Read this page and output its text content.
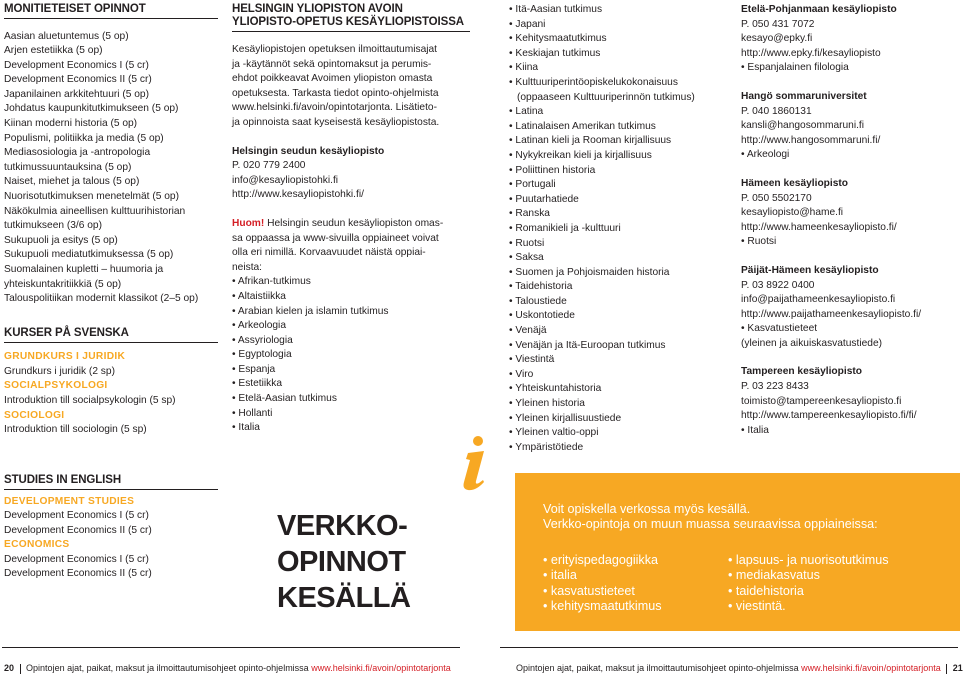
MONITIETEISET OPINNOT
Aasian aluetuntemus (5 op)
Arjen estetiikka (5 op)
Development Economics I (5 cr)
Development Economics II (5 cr)
Japanilainen arkkitehtuuri (5 op)
Johdatus kaupunkitutkimukseen (5 op)
Kiinan moderni historia (5 op)
Populismi, politiikka ja media (5 op)
Mediasosiologia ja -antropologia
tutkimussuuntauksina (5 op)
Naiset, miehet ja talous (5 op)
Nuorisotutkimuksen menetelmät (5 op)
Näkökulmia aineellisen kulttuurihistorian
tutkimukseen (3/6 op)
Sukupuoli ja esitys (5 op)
Sukupuoli mediatutkimuksessa (5 op)
Suomalainen kupletti – huumoria ja
yhteiskuntakritiikkiä (5 op)
Talouspolitiikan modernit klassikot (2–5 op)
KURSER PÅ SVENSKA
GRUNDKURS I JURIDIK
Grundkurs i juridik (2 sp)
SOCIALPSYKOLOGI
Introduktion till socialpsykologin (5 sp)
SOCIOLOGI
Introduktion till sociologin (5 sp)
STUDIES IN ENGLISH
DEVELOPMENT STUDIES
Development Economics I (5 cr)
Development Economics II (5 cr)
ECONOMICS
Development Economics I (5 cr)
Development Economics II (5 cr)
HELSINGIN YLIOPISTON AVOIN
YLIOPISTO-OPETUS KESÄYLIOPISTOISSA
Kesäyliopistojen opetuksen ilmoittautumisajat
ja -käytännöt sekä opintomaksut ja perumis-
ehdot poikkeavat Avoimen yliopiston omasta
opetuksesta. Tarkasta tiedot opinto-ohjelmista
www.helsinki.fi/avoin/opintotarjonta. Lisätieto-
ja opinnoista saat kyseisestä kesäyliopistosta.
Helsingin seudun kesäyliopisto
P. 020 779 2400
info@kesayliopistohki.fi
http://www.kesayliopistohki.fi/
Huom! Helsingin seudun kesäyliopiston omas-
sa oppaassa ja www-sivuilla oppiaineet voivat
olla eri nimillä. Korvaavuudet näistä oppiai-
neista:
• Afrikan-tutkimus
• Altaistiikka
• Arabian kielen ja islamin tutkimus
• Arkeologia
• Assyriologia
• Egyptologia
• Espanja
• Estetiikka
• Etelä-Aasian tutkimus
• Hollanti
• Italia
• Itä-Aasian tutkimus
• Japani
• Kehitysmaatutkimus
• Keskiajan tutkimus
• Kiina
• Kulttuuriperintöopiskelukokonaisuus
(oppaaseen Kulttuuriperinnön tutkimus)
• Latina
• Latinalaisen Amerikan tutkimus
• Latinan kieli ja Rooman kirjallisuus
• Nykykreikan kieli ja kirjallisuus
• Poliittinen historia
• Portugali
• Puutarhatiede
• Ranska
• Romanikieli ja -kulttuuri
• Ruotsi
• Saksa
• Suomen ja Pohjoismaiden historia
• Taidehistoria
• Taloustiede
• Uskontotiede
• Venäjä
• Venäjän ja Itä-Euroopan tutkimus
• Viestintä
• Viro
• Yhteiskuntahistoria
• Yleinen historia
• Yleinen kirjallisuustiede
• Yleinen valtio-oppi
• Ympäristötiede
Etelä-Pohjanmaan kesäyliopisto
P. 050 431 7072
kesayo@epky.fi
http://www.epky.fi/kesayliopisto
• Espanjalainen filologia
Hangö sommaruniversitet
P. 040 1860131
kansli@hangosommaruni.fi
http://www.hangosommaruni.fi/
• Arkeologi
Hämeen kesäyliopisto
P. 050 5502170
kesayliopisto@hame.fi
http://www.hameenkesayliopisto.fi/
• Ruotsi
Päijät-Hämeen kesäyliopisto
P. 03 8922 0400
info@paijathameenkesayliopisto.fi
http://www.paijathameenkesayliopisto.fi/
• Kasvatustieteet
(yleinen ja aikuiskasvatustiede)
Tampereen kesäyliopisto
P. 03 223 8433
toimisto@tampereenkesayliopisto.fi
http://www.tampereenkesayliopisto.fi/fi/
• Italia
VERKKO-
OPINNOT
KESÄLLÄ
Voit opiskella verkossa myös kesällä.
Verkko-opintoja on muun muassa seuraavissa oppiaineissa:
• erityispedagogiikka
• italia
• kasvatustieteet
• kehitysmaatutkimus
• lapsuus- ja nuorisotutkimus
• mediakasvatus
• taidehistoria
• viestintä.
20 Opintojen ajat, paikat, maksut ja ilmoittautumisohjeet opinto-ohjelmissa www.helsinki.fi/avoin/opintotarjonta	Opintojen ajat, paikat, maksut ja ilmoittautumisohjeet opinto-ohjelmissa www.helsinki.fi/avoin/opintotarjonta 21
